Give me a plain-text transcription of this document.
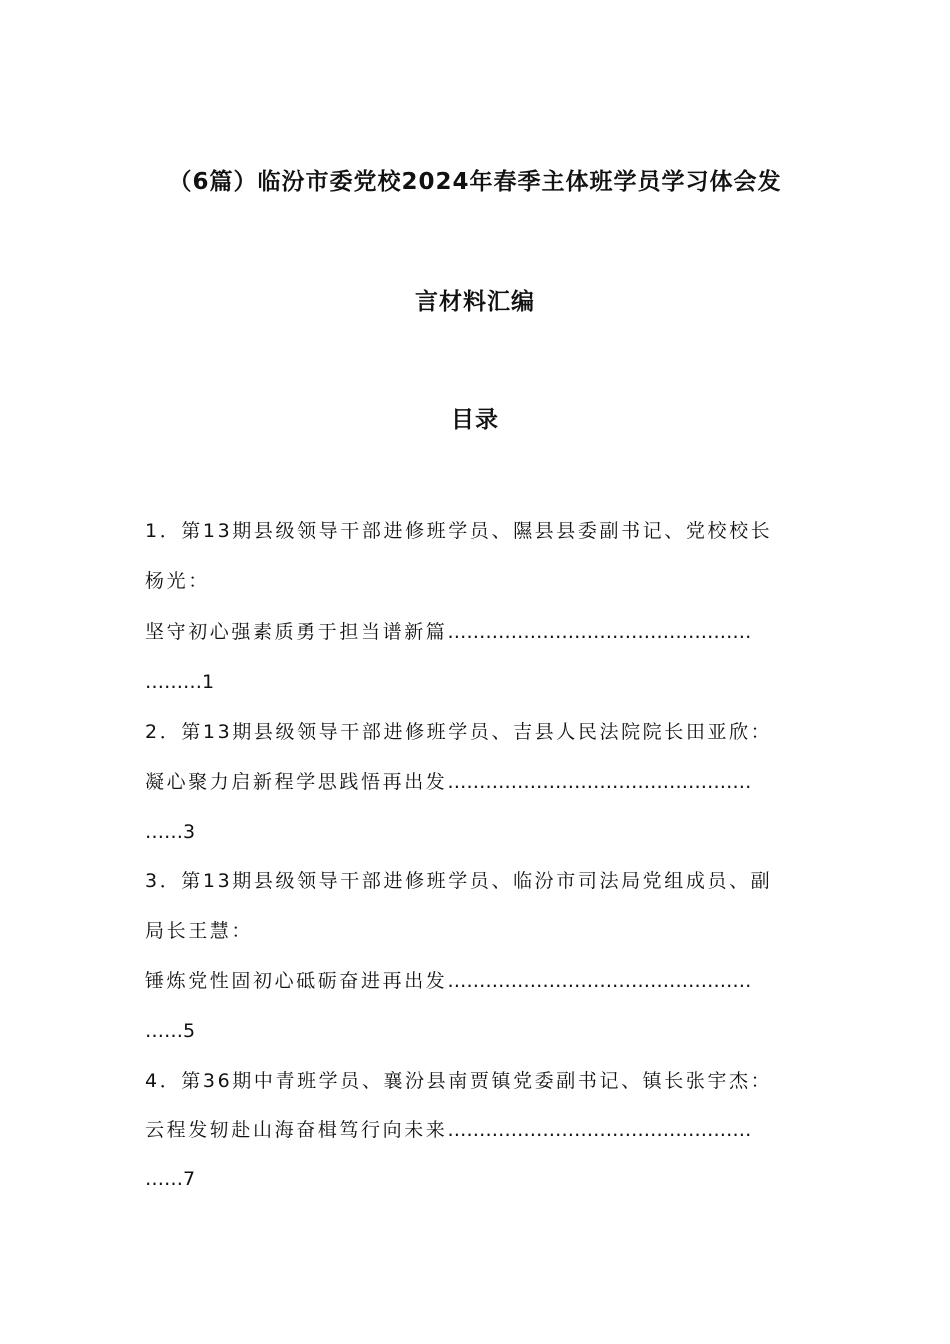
（6篇）临汾市委党校2024年春季主体班学员学习体会发
言材料汇编
目录
1．第13期县级领导干部进修班学员、隰县县委副书记、党校校长
杨光：
坚守初心强素质勇于担当谱新篇…………………………………………
………1
2．第13期县级领导干部进修班学员、吉县人民法院院长田亚欣：
凝心聚力启新程学思践悟再出发…………………………………………
……3
3．第13期县级领导干部进修班学员、临汾市司法局党组成员、副
局长王慧：
锤炼党性固初心砥砺奋进再出发…………………………………………
……5
4．第36期中青班学员、襄汾县南贾镇党委副书记、镇长张宇杰：
云程发轫赴山海奋楫笃行向未来…………………………………………
……7
